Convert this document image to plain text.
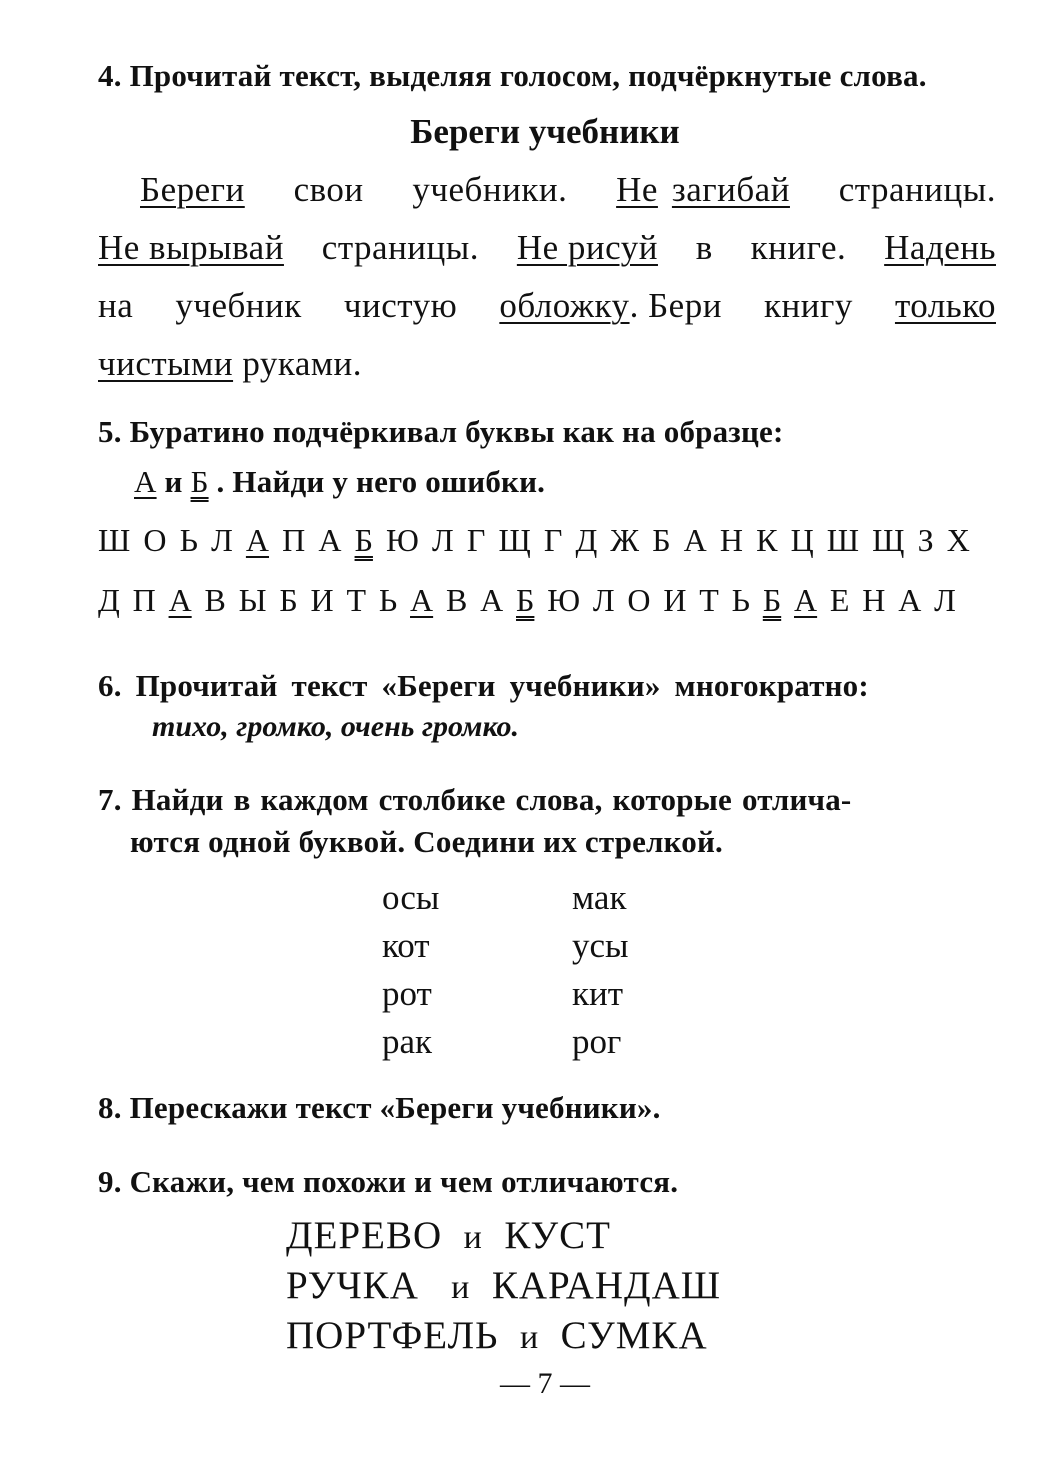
4. Прочитай текст, выделяя голосом, подчёркнутые слова.
Береги учебники
Береги свои учебники. Не загибай страницы.
Не вырывай страницы. Не рисуй в книге. Надень
на учебник чистую обложку . Бери книгу только
чистыми руками.
5. Буратино подчёркивал буквы как на образце:
А и Б . Найди у него ошибки.
Ш О Ь Л А П А Б Ю Л Г Щ Г Д Ж Б А Н К Ц Ш Щ З Х
Д П А В Ы Б И Т Ь А В А Б Ю Л О И Т Ь Б А Е Н А Л
6. Прочитай текст «Береги учебники» многократно:
тихо, громко, очень громко.
7. Найди в каждом столбике слова, которые отлича-
ются одной буквой. Соедини их стрелкой.
осы
кот
рот
рак
мак
усы
кит
рог
8. Перескажи текст «Береги учебники».
9. Скажи, чем похожи и чем отличаются.
ДЕРЕВО и КУСТ
РУЧКА и КАРАНДАШ
ПОРТФЕЛЬ и СУМКА
— 7 —
